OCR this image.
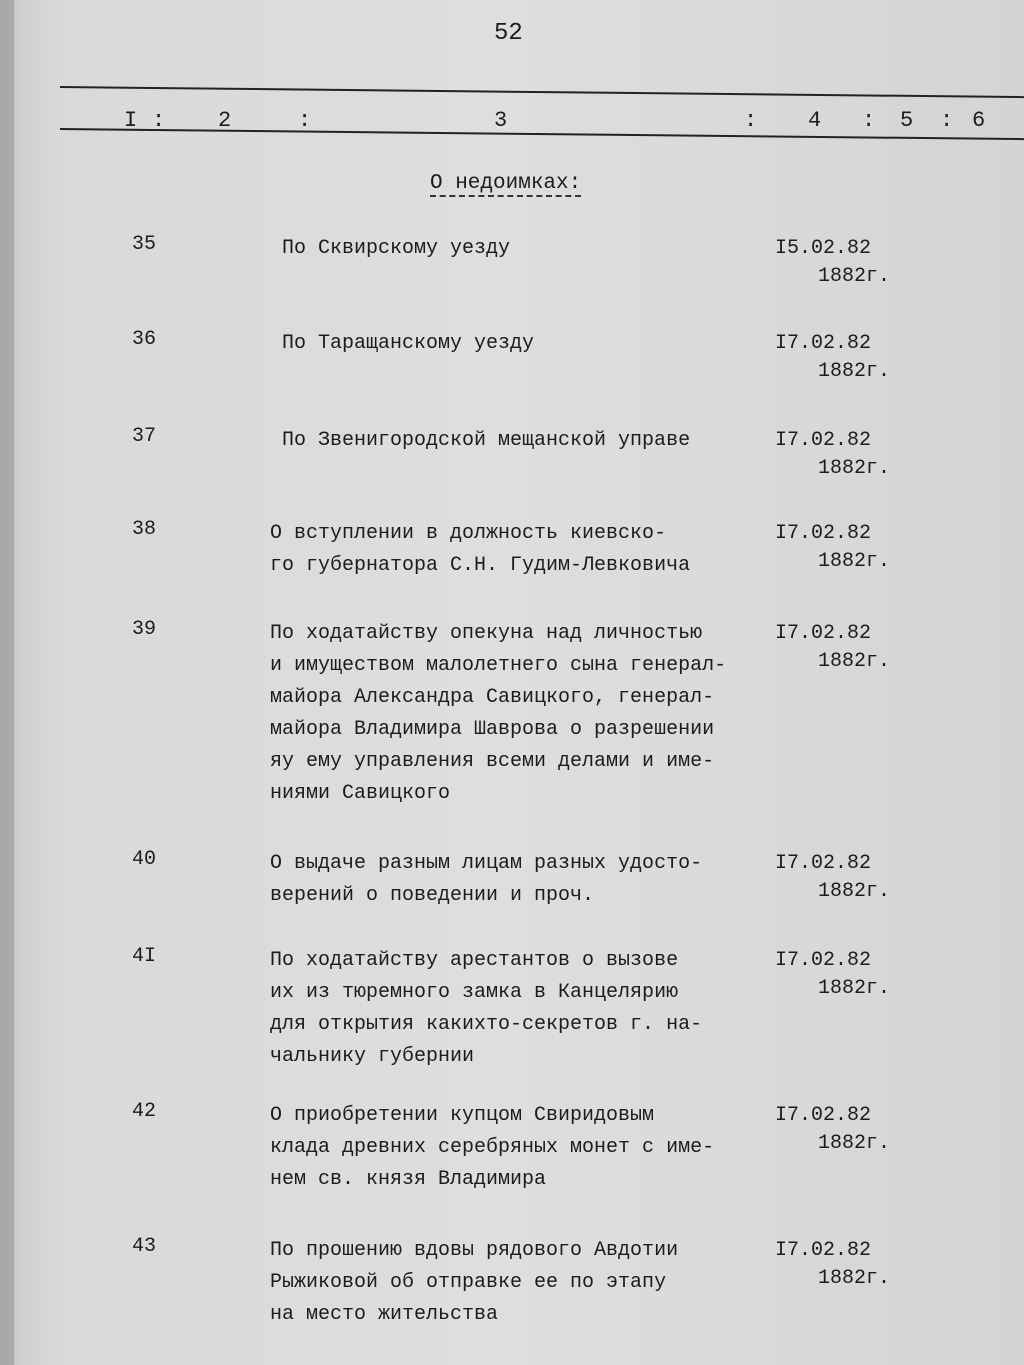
52
I : 2	:	3	: 4 : 5 : 6
О недоимках:
35	По Сквирскому уезду	I5.02.82
1882г.
36	По Таращанскому уезду	I7.02.82
1882г.
37	По Звенигородской мещанской управе	I7.02.82
1882г.
38	О вступлении в должность киевско-
го губернатора С.Н. Гудим-Левковича
I7.02.82
1882г.
39	По ходатайству опекуна над личностью
и имуществом малолетнего сына генерал-
майора Александра Савицкого, генерал-
майора Владимира Шаврова о разрешении
яу ему управления всеми делами и име-
ниями Савицкого
I7.02.82
1882г.
40	О выдаче разным лицам разных удосто-
верений о поведении и проч.
I7.02.82
1882г.
4I	По ходатайству арестантов о вызове
их из тюремного замка в Канцелярию
для открытия какихто-секретов г. на-
чальнику губернии
I7.02.82
1882г.
42	О приобретении купцом Свиридовым
клада древних серебряных монет с име-
нем св. князя Владимира
I7.02.82
1882г.
43	По прошению вдовы рядового Авдотии
Рыжиковой об отправке ее по этапу
на место жительства
I7.02.82
1882г.
